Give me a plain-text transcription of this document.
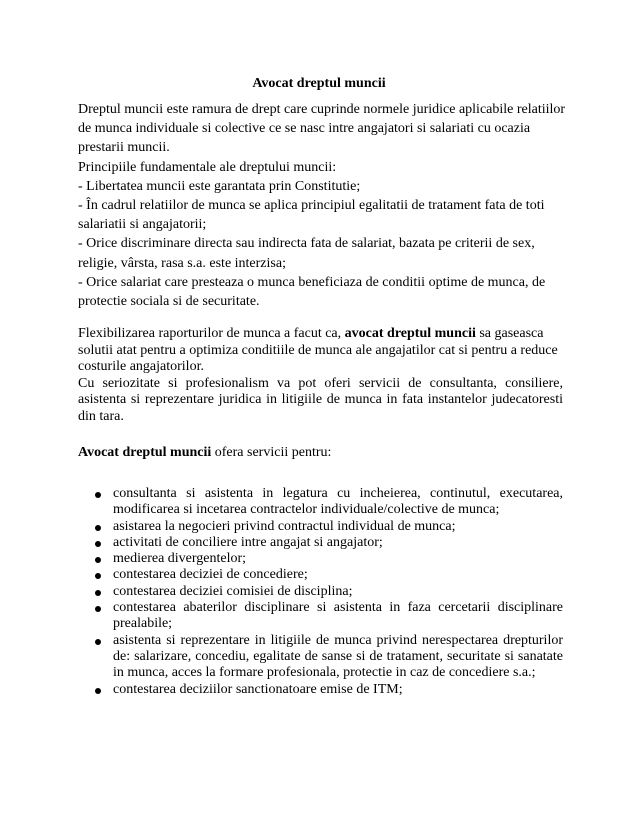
Avocat dreptul muncii

Dreptul muncii este ramura de drept care cuprinde normele juridice aplicabile relatiilor de munca individuale si colective ce se nasc intre angajatori si salariati cu ocazia prestarii muncii.

Principiile fundamentale ale dreptului muncii:

- Libertatea muncii este garantata prin Constitutie;

- În cadrul relatiilor de munca se aplica principiul egalitatii de tratament fata de toti salariatii si angajatorii;

- Orice discriminare directa sau indirecta fata de salariat, bazata pe criterii de sex, religie, vârsta, rasa s.a. este interzisa;

- Orice salariat care presteaza o munca beneficiaza de conditii optime de munca, de protectie sociala si de securitate.

Flexibilizarea raporturilor de munca a facut ca, avocat dreptul muncii sa gaseasca solutii atat pentru a optimiza conditiile de munca ale angajatilor cat si pentru a reduce costurile angajatorilor.

Cu seriozitate si profesionalism va pot oferi servicii de consultanta, consiliere, asistenta si reprezentare juridica in litigiile de munca in fata instantelor judecatoresti din tara.

Avocat dreptul muncii ofera servicii pentru:
consultanta si asistenta in legatura cu incheierea, continutul, executarea, modificarea si incetarea contractelor individuale/colective de munca;
asistarea la negocieri privind contractul individual de munca;
activitati de conciliere intre angajat si angajator;
medierea divergentelor;
contestarea deciziei de concediere;
contestarea deciziei comisiei de disciplina;
contestarea abaterilor disciplinare si asistenta in faza cercetarii disciplinare prealabile;
asistenta si reprezentare in litigiile de munca privind nerespectarea drepturilor de: salarizare, concediu, egalitate de sanse si de tratament, securitate si sanatate in munca, acces la formare profesionala, protectie in caz de concediere s.a.;
contestarea deciziilor sanctionatoare emise de ITM;
